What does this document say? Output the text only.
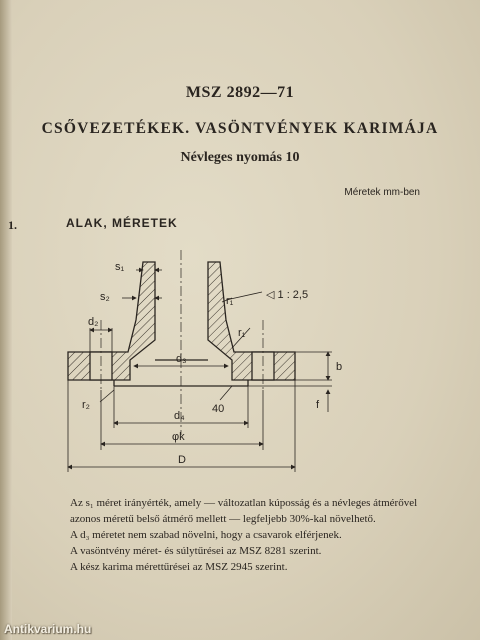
MSZ 2892—71
CSŐVEZETÉKEK. VASÖNTVÉNYEK KARIMÁJA
Névleges nyomás 10
Méretek mm-ben
1.	ALAK, MÉRETEK
s₁
s₂	r₁	◁ 1 : 2,5
r₁
d₂
d₃
r₂	40
d₄
φk
D
b
f

Az s₁ méret irányérték, amely — változatlan kúposság és a névleges átmérővel azonos méretű belső átmérő mellett — legfeljebb 30%-kal növelhető.

A d₃ méretet nem szabad növelni, hogy a csavarok elférjenek.

A vasöntvény méret- és súlytűrései az MSZ 8281 szerint.

A kész karima mérettűrései az MSZ 2945 szerint.

Antikvarium.hu
